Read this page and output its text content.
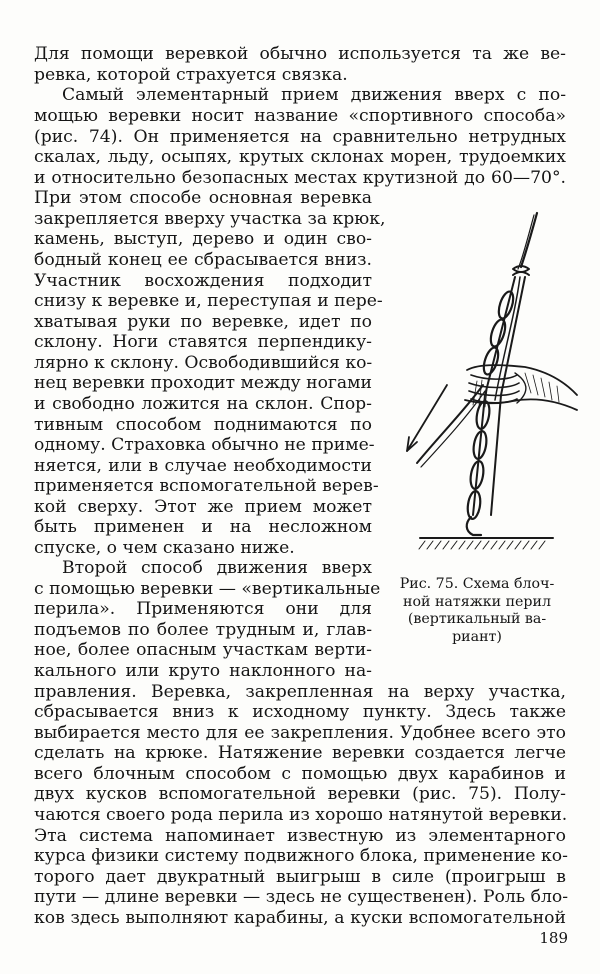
Для помощи веревкой обычно используется та же ве-
ревка, которой страхуется связка.
Самый элементарный прием движения вверх с по-
мощью веревки носит название «спортивного способа»
(рис. 74). Он применяется на сравнительно нетрудных
скалах, льду, осыпях, крутых склонах морен, трудоемких
и относительно безопасных местах крутизной до 60—70°.
При этом способе основная веревка
закрепляется вверху участка за крюк,
камень, выступ, дерево и один сво-
бодный конец ее сбрасывается вниз.
Участник восхождения подходит
снизу к веревке и, переступая и пере-
хватывая руки по веревке, идет по
склону. Ноги ставятся перпендику-
лярно к склону. Освободившийся ко-
нец веревки проходит между ногами
и свободно ложится на склон. Спор-
тивным способом поднимаются по
одному. Страховка обычно не приме-
няется, или в случае необходимости
применяется вспомогательной верев-
кой сверху. Этот же прием может
быть применен и на несложном
спуске, о чем сказано ниже.
Второй способ движения вверх
с помощью веревки — «вертикальные
перила». Применяются они для
подъемов по более трудным и, глав-
ное, более опасным участкам верти-
кального или круто наклонного на-
правления. Веревка, закрепленная на верху участка,
сбрасывается вниз к исходному пункту. Здесь также
выбирается место для ее закрепления. Удобнее всего это
сделать на крюке. Натяжение веревки создается легче
всего блочным способом с помощью двух карабинов и
двух кусков вспомогательной веревки (рис. 75). Полу-
чаются своего рода перила из хорошо натянутой веревки.
Эта система напоминает известную из элементарного
курса физики систему подвижного блока, применение ко-
торого дает двукратный выигрыш в силе (проигрыш в
пути — длине веревки — здесь не существенен). Роль бло-
ков здесь выполняют карабины, а куски вспомогательной
Рис. 75. Схема блоч-
ной натяжки перил
(вертикальный ва-
риант)
189
